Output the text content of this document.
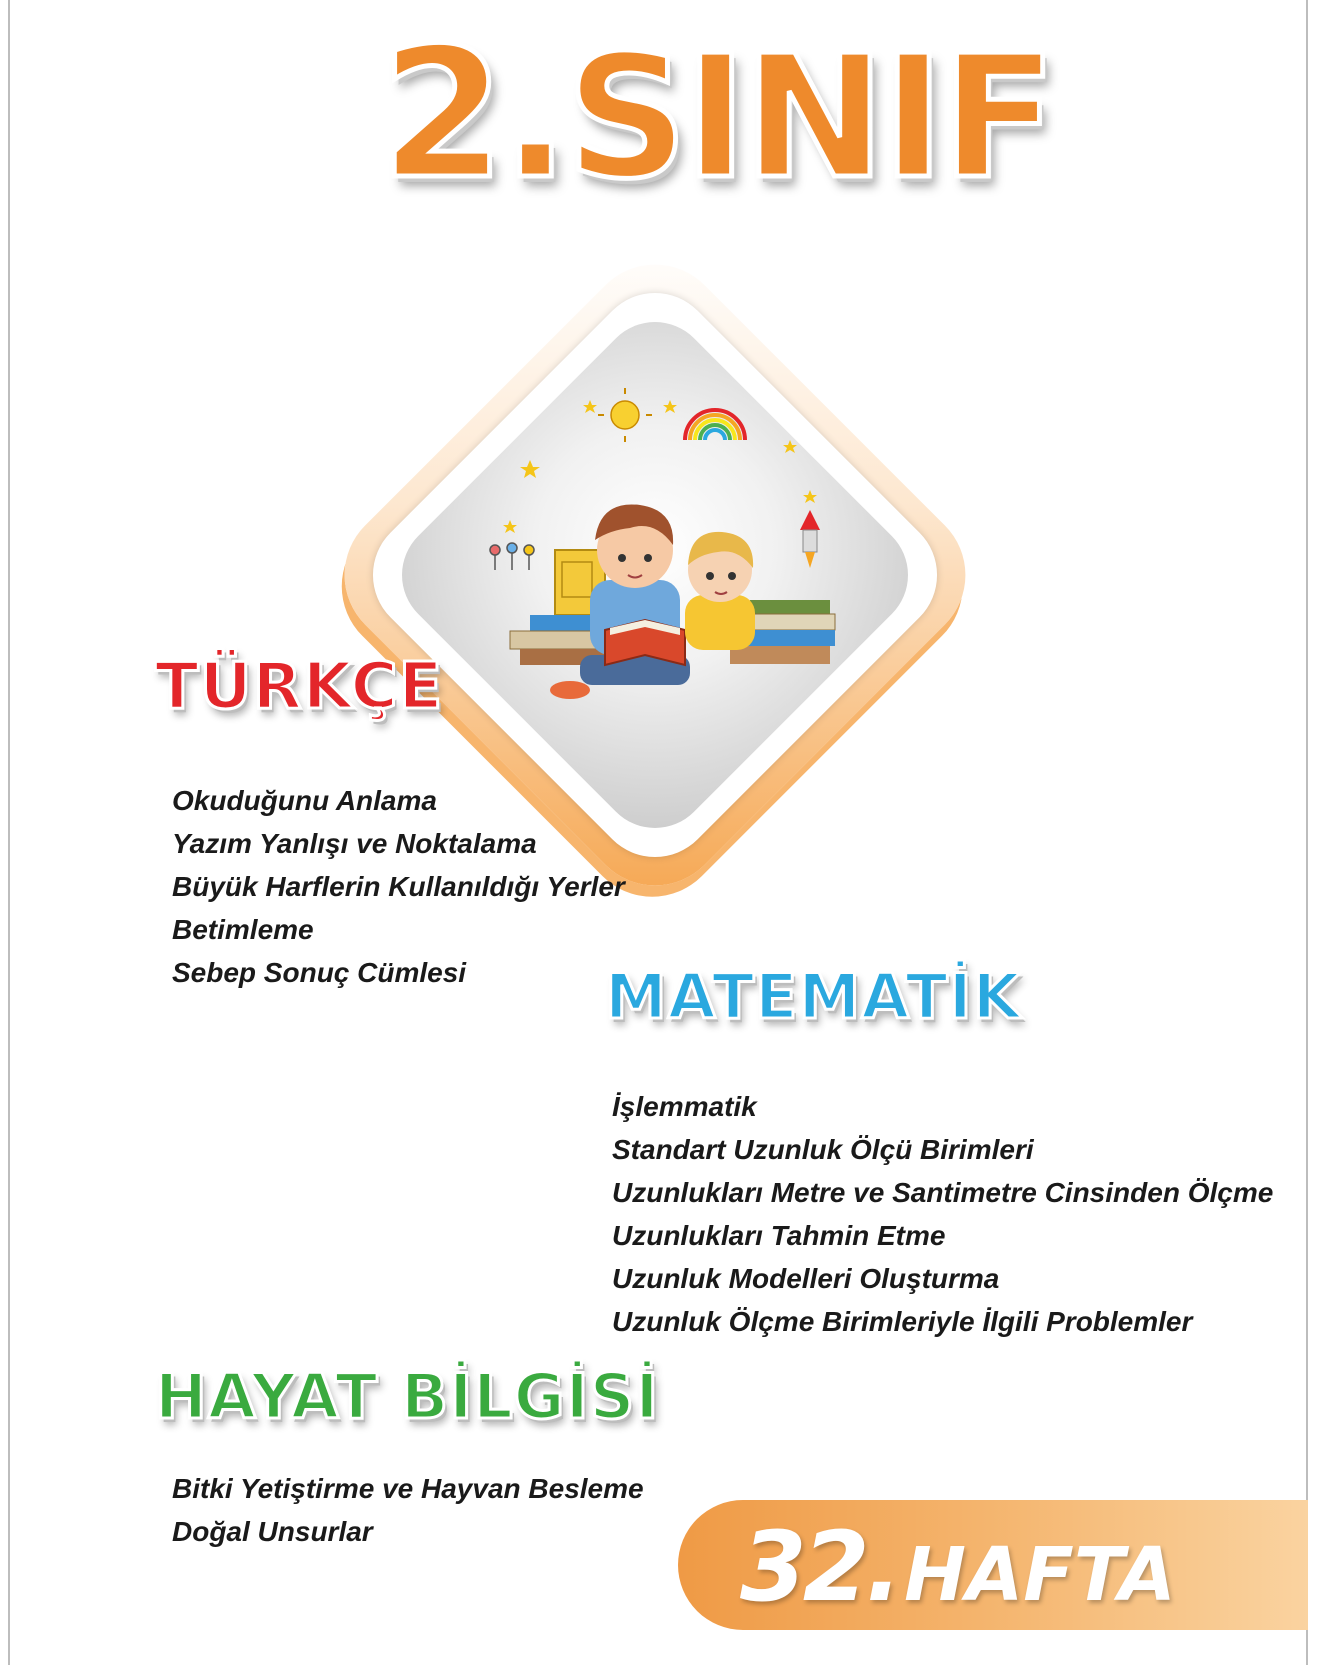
2.SINIF
TÜRKÇE
Okuduğunu Anlama
Yazım Yanlışı ve Noktalama
Büyük Harflerin Kullanıldığı Yerler
Betimleme
Sebep Sonuç Cümlesi	MATEMATİK
İşlemmatik
Standart Uzunluk Ölçü Birimleri
Uzunlukları Metre ve Santimetre Cinsinden Ölçme
Uzunlukları Tahmin Etme
Uzunluk Modelleri Oluşturma
Uzunluk Ölçme Birimleriyle İlgili Problemler
HAYAT BİLGİSİ
Bitki Yetiştirme ve Hayvan Besleme
Doğal Unsurlar	32.HAFTA
